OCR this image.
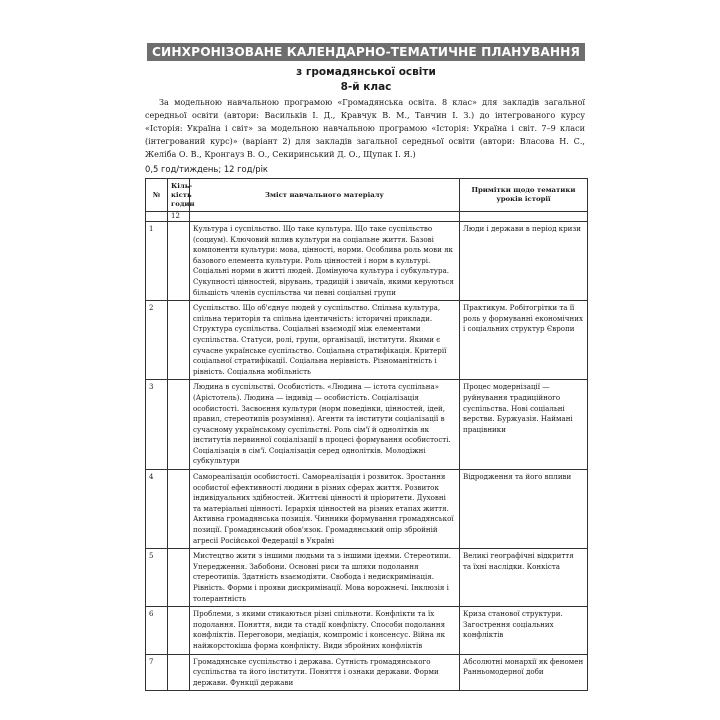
СИНХРОНІЗОВАНЕ КАЛЕНДАРНО-ТЕМАТИЧНЕ ПЛАНУВАННЯ
з громадянської освіти
8-й клас

За модельною навчальною програмою «Громадянська освіта. 8 клас» для закладів загальної середньої освіти (автори: Васильків І. Д., Кравчук В. М., Танчин І. З.) до інтегрованого курсу «Історія: Україна і світ» за модельною навчальною програмою «Історія: Україна і світ. 7–9 класи (інтегрований курс)» (варіант 2) для закладів загальної середньої освіти (автори: Власова Н. С., Желіба О. В., Кронгауз В. О., Секиринський Д. О., Щупак І. Я.)

0,5 год/тиждень; 12 год/рік
№	Кіль-кість годин	Зміст навчального матеріалу	Примітки щодо тематики уроків історії
	12		
1		Культура і суспільство. Що таке культура. Що таке суспільство (социум). Ключовий вплив культури на соціальне життя. Базові компоненти культури: мова, цінності, норми. Особлива роль мови як базового елемента культури. Роль цінностей і норм в культурі. Соціальні норми в житті людей. Домінуюча культура і субкультура. Сукупності цінностей, вірувань, традицій і звичаїв, якими керуються більшість членів суспільства чи певні соціальні групи	Люди і держави в період кризи
2		Суспільство. Що об'єднує людей у суспільство. Спільна культура, спільна територія та спільна ідентичність: історичні приклади. Структура суспільства. Соціальні взаємодії між елементами суспільства. Статуси, ролі, групи, організації, інститути. Якими є сучасне українське суспільство. Соціальна стратифікація. Критерії соціальної стратифікації. Соціальна нерівність. Різноманітність і рівність. Соціальна мобільність	Практикум. Робітогрітки та її роль у формуванні економічних і соціальних структур Європи
3		Людина в суспільстві. Особистість. «Людина — істота суспільна» (Арістотель). Людина — індивід — особистість. Соціалізація особистості. Засвоєння культури (норм поведінки, цінностей, ідей, правил, стереотипів розуміння). Агенти та інститути соціалізації в сучасному українському суспільстві. Роль сім'ї й однолітків як інститутів первинної соціалізації в процесі формування особистості. Соціалізація в сім'ї. Соціалізація серед однолітків. Молодіжні субкультури	Процес модернізації — руйнування традиційного суспільства. Нові соціальні верстви. Буржуазія. Наймані працівники
4		Самореалізація особистості. Самореалізація і розвиток. Зростання особистої ефективності людини в різних сферах життя. Розвиток індивідуальних здібностей. Життєві цінності й пріоритети. Духовні та матеріальні цінності. Ієрархія цінностей на різних етапах життя. Активна громадянська позиція. Чинники формування громадянської позиції. Громадянський обов'язок. Громадянський опір збройній агресії Російської Федерації в Україні	Відродження та його впливи
5		Мистецтво жити з іншими людьми та з іншими ідеями. Стереотипи. Упередження. Забобони. Основні риси та шляхи подолання стереотипів. Здатність взаємодіяти. Свобода і недискримінація. Рівність. Форми і прояви дискримінації. Мова ворожнечі. Інклюзія і толерантність	Великі географічні відкриття та їхні наслідки. Конкіста
6		Проблеми, з якими стикаються різні спільноти. Конфлікти та їх подолання. Поняття, види та стадії конфлікту. Способи подолання конфліктів. Переговори, медіація, компроміс і консенсус. Війна як найжорстокіша форма конфлікту. Види збройних конфліктів	Криза станової структури. Загострення соціальних конфліктів
7		Громадянське суспільство і держава. Сутність громадянського суспільства та його інститути. Поняття і ознаки держави. Форми держави. Функції держави	Абсолютні монархії як феномен Ранньомодерної доби
